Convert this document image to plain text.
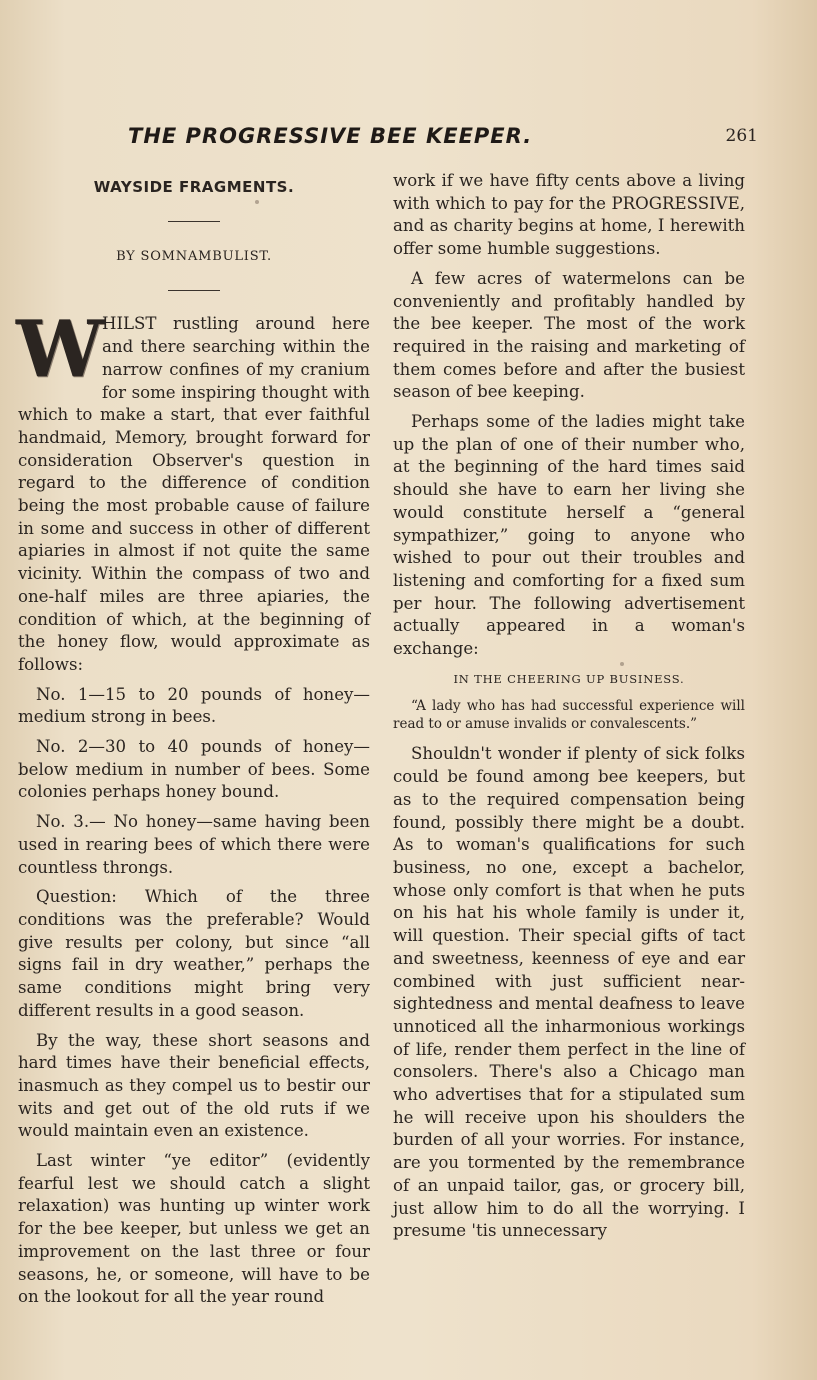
THE PROGRESSIVE BEE KEEPER.	261
WAYSIDE FRAGMENTS.
BY SOMNAMBULIST.
W

HILST rustling around here and there searching within the narrow confines of my cranium for some inspiring thought with which to make a start, that ever faithful handmaid, Memory, brought forward for consideration Observer's question in regard to the difference of condition being the most probable cause of failure in some and success in other of different apiaries in almost if not quite the same vicinity. Within the compass of two and one-half miles are three apiaries, the condition of which, at the beginning of the honey flow, would approximate as follows:

No. 1—15 to 20 pounds of honey—medium strong in bees.

No. 2—30 to 40 pounds of honey—below medium in number of bees. Some colonies perhaps honey bound.

No. 3.— No honey—same having been used in rearing bees of which there were countless throngs.

Question: Which of the three conditions was the preferable? Would give results per colony, but since “all signs fail in dry weather,” perhaps the same conditions might bring very different results in a good season.

By the way, these short seasons and hard times have their beneficial effects, inasmuch as they compel us to bestir our wits and get out of the old ruts if we would maintain even an existence.

Last winter “ye editor” (evidently fearful lest we should catch a slight relaxation) was hunting up winter work for the bee keeper, but unless we get an improvement on the last three or four seasons, he, or someone, will have to be on the lookout for all the year round

work if we have fifty cents above a living with which to pay for the PROGRESSIVE, and as charity begins at home, I herewith offer some humble suggestions.

A few acres of watermelons can be conveniently and profitably handled by the bee keeper. The most of the work required in the raising and marketing of them comes before and after the busiest season of bee keeping.

Perhaps some of the ladies might take up the plan of one of their number who, at the beginning of the hard times said should she have to earn her living she would constitute herself a “general sympathizer,” going to anyone who wished to pour out their troubles and listening and comforting for a fixed sum per hour. The following advertisement actually appeared in a woman's exchange:

IN THE CHEERING UP BUSINESS.

“A lady who has had successful experience will read to or amuse invalids or convalescents.”

Shouldn't wonder if plenty of sick folks could be found among bee keepers, but as to the required compensation being found, possibly there might be a doubt. As to woman's qualifications for such business, no one, except a bachelor, whose only comfort is that when he puts on his hat his whole family is under it, will question. Their special gifts of tact and sweetness, keenness of eye and ear combined with just sufficient near-sightedness and mental deafness to leave unnoticed all the inharmonious workings of life, render them perfect in the line of consolers. There's also a Chicago man who advertises that for a stipulated sum he will receive upon his shoulders the burden of all your worries. For instance, are you tormented by the remembrance of an unpaid tailor, gas, or grocery bill, just allow him to do all the worrying. I presume 'tis unnecessary
